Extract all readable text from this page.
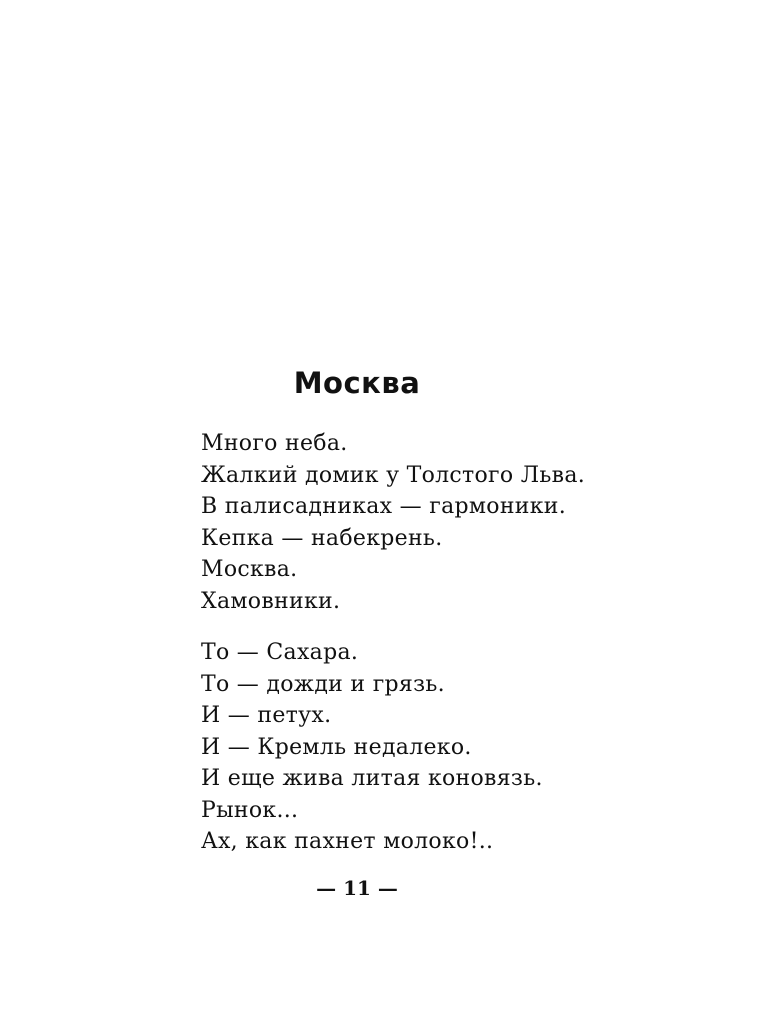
Москва
Много неба.
Жалкий домик у Толстого Льва.
В палисадниках — гармоники.
Кепка — набекрень.
Москва.
Хамовники.
То — Сахара.
То — дожди и грязь.
И — петух.
И — Кремль недалеко.
И еще жива литая коновязь.
Рынок...
Ах, как пахнет молоко!..
— 11 —
